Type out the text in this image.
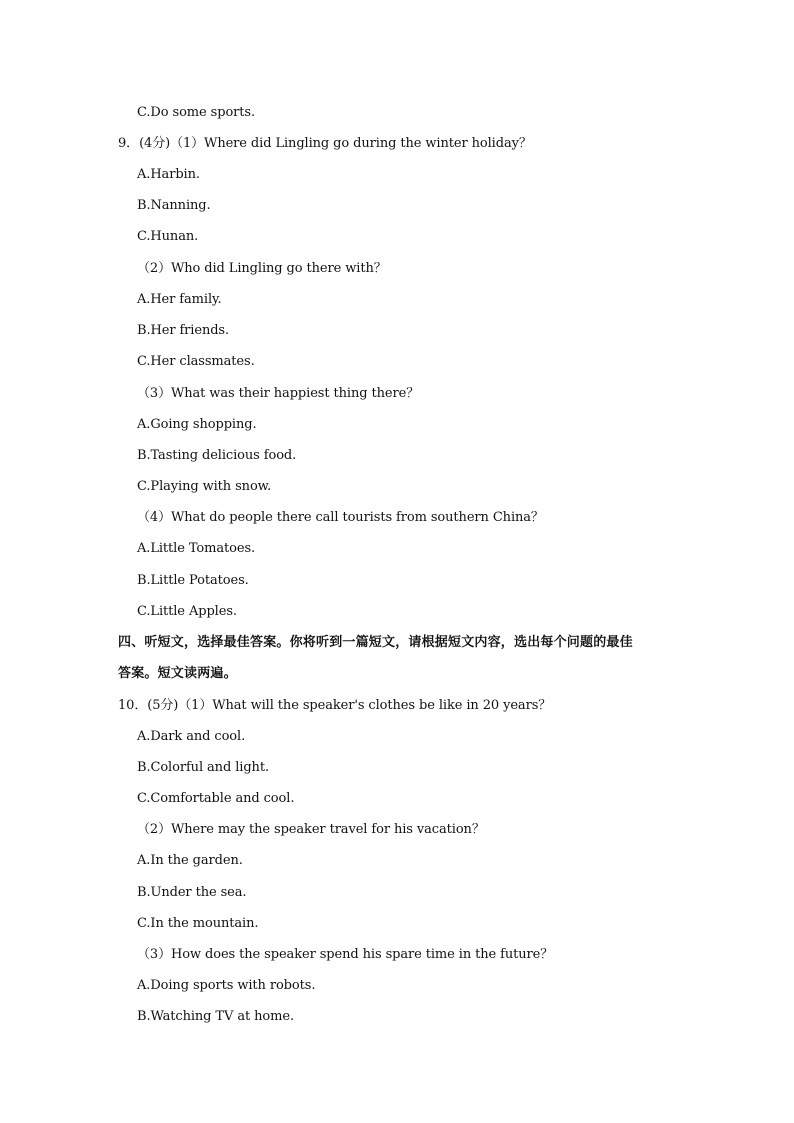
C.Do some sports.
9．(4分)（1）Where did Lingling go during the winter holiday？
A.Harbin.
B.Nanning.
C.Hunan.
（2）Who did Lingling go there with？
A.Her family.
B.Her friends.
C.Her classmates.
（3）What was their happiest thing there？
A.Going shopping.
B.Tasting delicious food.
C.Playing with snow.
（4）What do people there call tourists from southern China？
A.Little Tomatoes.
B.Little Potatoes.
C.Little Apples.
四、听短文，选择最佳答案。你将听到一篇短文，请根据短文内容，选出每个问题的最佳
答案。短文读两遍。
10．(5分)（1）What will the speaker's clothes be like in 20 years？
A.Dark and cool.
B.Colorful and light.
C.Comfortable and cool.
（2）Where may the speaker travel for his vacation？
A.In the garden.
B.Under the sea.
C.In the mountain.
（3）How does the speaker spend his spare time in the future？
A.Doing sports with robots.
B.Watching TV at home.
